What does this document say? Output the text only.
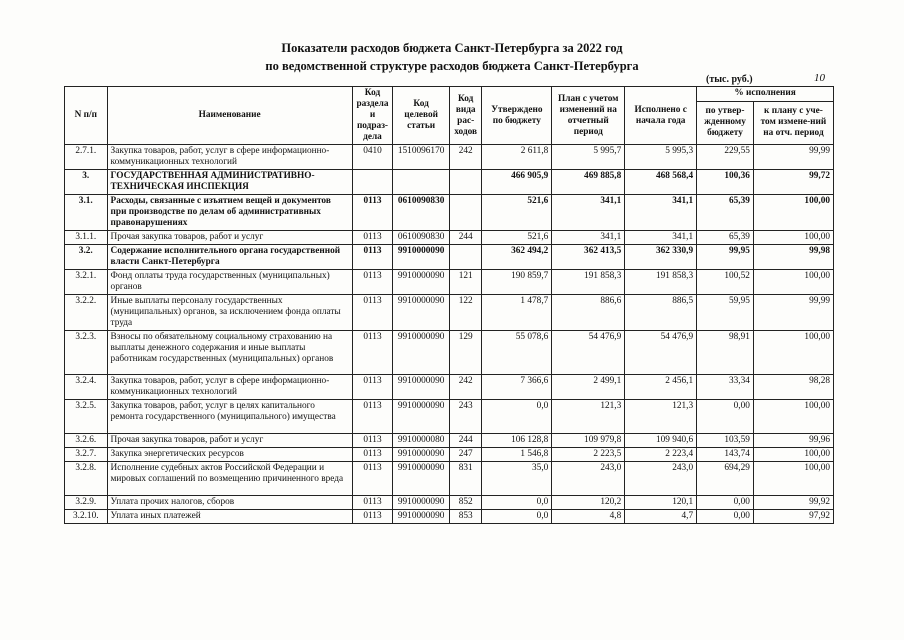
Показатели расходов бюджета Санкт-Петербурга за 2022 год
по ведомственной структуре расходов бюджета Санкт-Петербурга
(тыс. руб.)	10
N п/п	Наименование	Код раздела и подраз-дела	Код целевой статьи	Код вида рас-ходов	Утверждено по бюджету	План с учетом изменений на отчетный период	Исполнено с начала года	% исполнения	
								по утвер-жденному бюджету	к плану с уче-том измене-ний на отч. период
2.7.1.	Закупка товаров, работ, услуг в сфере информационно-коммуникационных технологий	0410	1510096170	242	2 611,8	5 995,7	5 995,3	229,55	99,99
3.	ГОСУДАРСТВЕННАЯ АДМИНИСТРАТИВНО-ТЕХНИЧЕСКАЯ ИНСПЕКЦИЯ				466 905,9	469 885,8	468 568,4	100,36	99,72
3.1.	Расходы, связанные с изъятием вещей и документов при производстве по делам об административных правонарушениях	0113	0610090830		521,6	341,1	341,1	65,39	100,00
3.1.1.	Прочая закупка товаров, работ и услуг	0113	0610090830	244	521,6	341,1	341,1	65,39	100,00
3.2.	Содержание исполнительного органа государственной власти Санкт-Петербурга	0113	9910000090		362 494,2	362 413,5	362 330,9	99,95	99,98
3.2.1.	Фонд оплаты труда государственных (муниципальных) органов	0113	9910000090	121	190 859,7	191 858,3	191 858,3	100,52	100,00
3.2.2.	Иные выплаты персоналу государственных (муниципальных) органов, за исключением фонда оплаты труда	0113	9910000090	122	1 478,7	886,6	886,5	59,95	99,99
3.2.3.	Взносы по обязательному социальному страхованию на выплаты денежного содержания и иные выплаты работникам государственных (муниципальных) органов	0113	9910000090	129	55 078,6	54 476,9	54 476,9	98,91	100,00
3.2.4.	Закупка товаров, работ, услуг в сфере информационно-коммуникационных технологий	0113	9910000090	242	7 366,6	2 499,1	2 456,1	33,34	98,28
3.2.5.	Закупка товаров, работ, услуг в целях капитального ремонта государственного (муниципального) имущества	0113	9910000090	243	0,0	121,3	121,3	0,00	100,00
3.2.6.	Прочая закупка товаров, работ и услуг	0113	9910000080	244	106 128,8	109 979,8	109 940,6	103,59	99,96
3.2.7.	Закупка энергетических ресурсов	0113	9910000090	247	1 546,8	2 223,5	2 223,4	143,74	100,00
3.2.8.	Исполнение судебных актов Российской Федерации и мировых соглашений по возмещению причиненного вреда	0113	9910000090	831	35,0	243,0	243,0	694,29	100,00
3.2.9.	Уплата прочих налогов, сборов	0113	9910000090	852	0,0	120,2	120,1	0,00	99,92
3.2.10.	Уплата иных платежей	0113	9910000090	853	0,0	4,8	4,7	0,00	97,92
